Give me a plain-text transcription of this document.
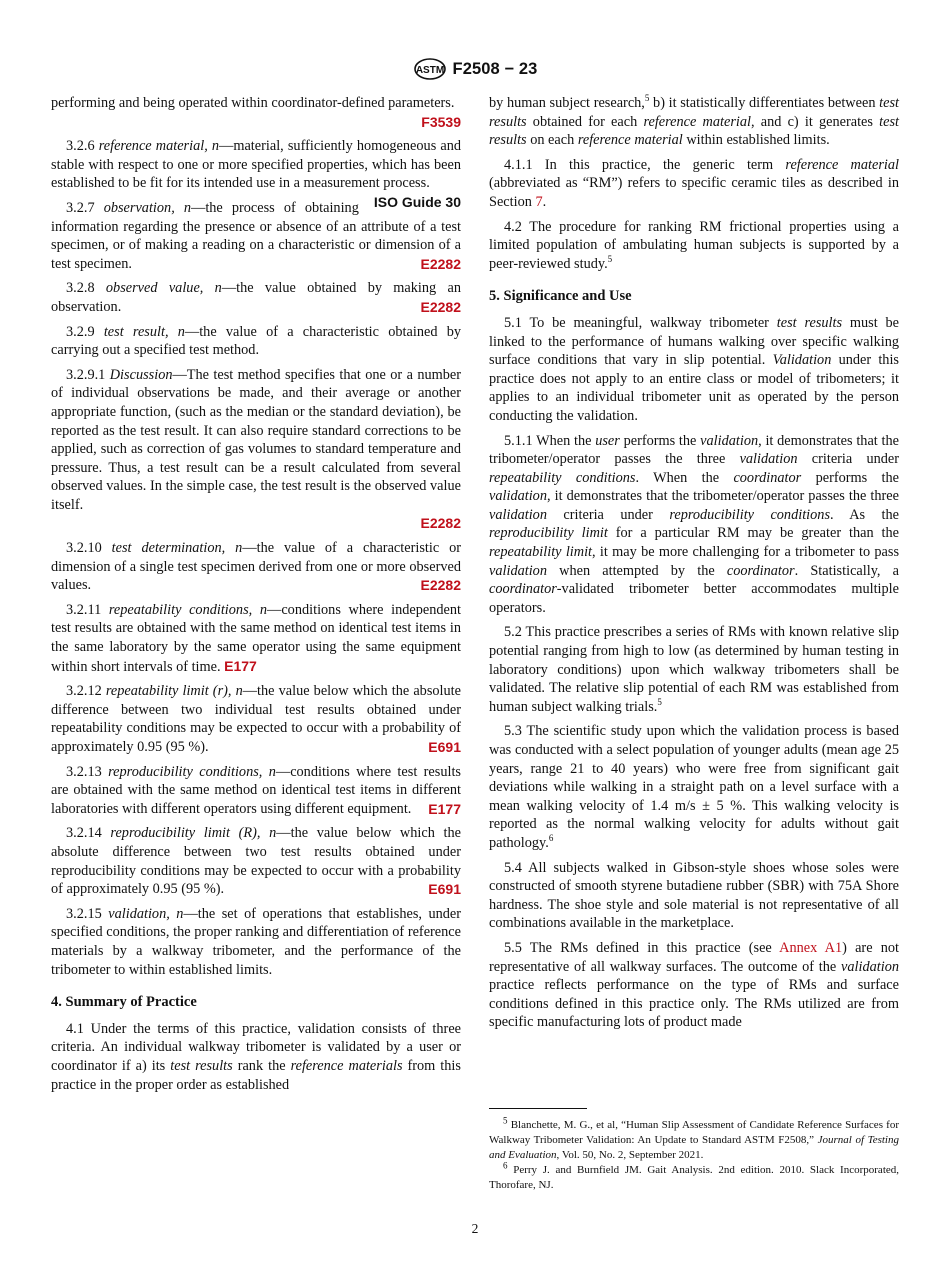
ASTM F2508 − 23
performing and being operated within coordinator-defined parameters.
F3539
3.2.6 reference material, n—material, sufficiently homogeneous and stable with respect to one or more specified properties, which has been established to be fit for its intended use in a measurement process.
ISO Guide 30
3.2.7 observation, n—the process of obtaining information regarding the presence or absence of an attribute of a test specimen, or of making a reading on a characteristic or dimension of a test specimen.	E2282
3.2.8 observed value, n—the value obtained by making an observation.	E2282
3.2.9 test result, n—the value of a characteristic obtained by carrying out a specified test method.
3.2.9.1 Discussion—The test method specifies that one or a number of individual observations be made, and their average or another appropriate function, (such as the median or the standard deviation), be reported as the test result. It can also require standard corrections to be applied, such as correction of gas volumes to standard temperature and pressure. Thus, a test result can be a result calculated from several observed values. In the simple case, the test result is the observed value itself.
E2282
3.2.10 test determination, n—the value of a characteristic or dimension of a single test specimen derived from one or more observed values.	E2282
3.2.11 repeatability conditions, n—conditions where independent test results are obtained with the same method on identical test items in the same laboratory by the same operator using the same equipment within short intervals of time. E177
3.2.12 repeatability limit (r), n—the value below which the absolute difference between two individual test results obtained under repeatability conditions may be expected to occur with a probability of approximately 0.95 (95 %).	E691
3.2.13 reproducibility conditions, n—conditions where test results are obtained with the same method on identical test items in different laboratories with different operators using different equipment.	E177
3.2.14 reproducibility limit (R), n—the value below which the absolute difference between two test results obtained under reproducibility conditions may be expected to occur with a probability of approximately 0.95 (95 %).	E691
3.2.15 validation, n—the set of operations that establishes, under specified conditions, the proper ranking and differentiation of reference materials by a walkway tribometer, and the performance of the tribometer to within established limits.
4. Summary of Practice
4.1 Under the terms of this practice, validation consists of three criteria. An individual walkway tribometer is validated by a user or coordinator if a) its test results rank the reference materials from this practice in the proper order as established
by human subject research,$^5$ b) it statistically differentiates between test results obtained for each reference material, and c) it generates test results on each reference material within established limits.
4.1.1 In this practice, the generic term reference material (abbreviated as “RM”) refers to specific ceramic tiles as described in Section 7.
4.2 The procedure for ranking RM frictional properties using a limited population of ambulating human subjects is supported by a peer-reviewed study.$^5$
5. Significance and Use
5.1 To be meaningful, walkway tribometer test results must be linked to the performance of humans walking over specific walking surface conditions that vary in slip potential. Validation under this practice does not apply to an entire class or model of tribometers; it applies to an individual tribometer unit as operated by the person conducting the validation.
5.1.1 When the user performs the validation, it demonstrates that the tribometer/operator passes the three validation criteria under repeatability conditions. When the coordinator performs the validation, it demonstrates that the tribometer/operator passes the three validation criteria under reproducibility conditions. As the reproducibility limit for a particular RM may be greater than the repeatability limit, it may be more challenging for a tribometer to pass validation when attempted by the coordinator. Statistically, a coordinator-validated tribometer better accommodates multiple operators.
5.2 This practice prescribes a series of RMs with known relative slip potential ranging from high to low (as determined by human testing in laboratory conditions) upon which walkway tribometers shall be validated. The relative slip potential of each RM was established from human subject walking trials.$^5$
5.3 The scientific study upon which the validation process is based was conducted with a select population of younger adults (mean age 25 years, range 21 to 40 years) who were free from significant gait deviations while walking in a straight path on a level surface with a mean walking velocity of 1.4 m/s ± 5 %. This walking velocity is reported as the normal walking velocity for adults without gait pathology.$^6$
5.4 All subjects walked in Gibson-style shoes whose soles were constructed of smooth styrene butadiene rubber (SBR) with 75A Shore hardness. The shoe style and sole material is not representative of all combinations available in the marketplace.
5.5 The RMs defined in this practice (see Annex A1) are not representative of all walkway surfaces. The outcome of the validation practice reflects performance on the type of RMs and surface conditions defined in this practice only. The RMs utilized are from specific manufacturing lots of product made

$^5$ Blanchette, M. G., et al, “Human Slip Assessment of Candidate Reference Surfaces for Walkway Tribometer Validation: An Update to Standard ASTM F2508,” Journal of Testing and Evaluation, Vol. 50, No. 2, September 2021.

$^6$ Perry J. and Burnfield JM. Gait Analysis. 2nd edition. 2010. Slack Incorporated, Thorofare, NJ.

2
